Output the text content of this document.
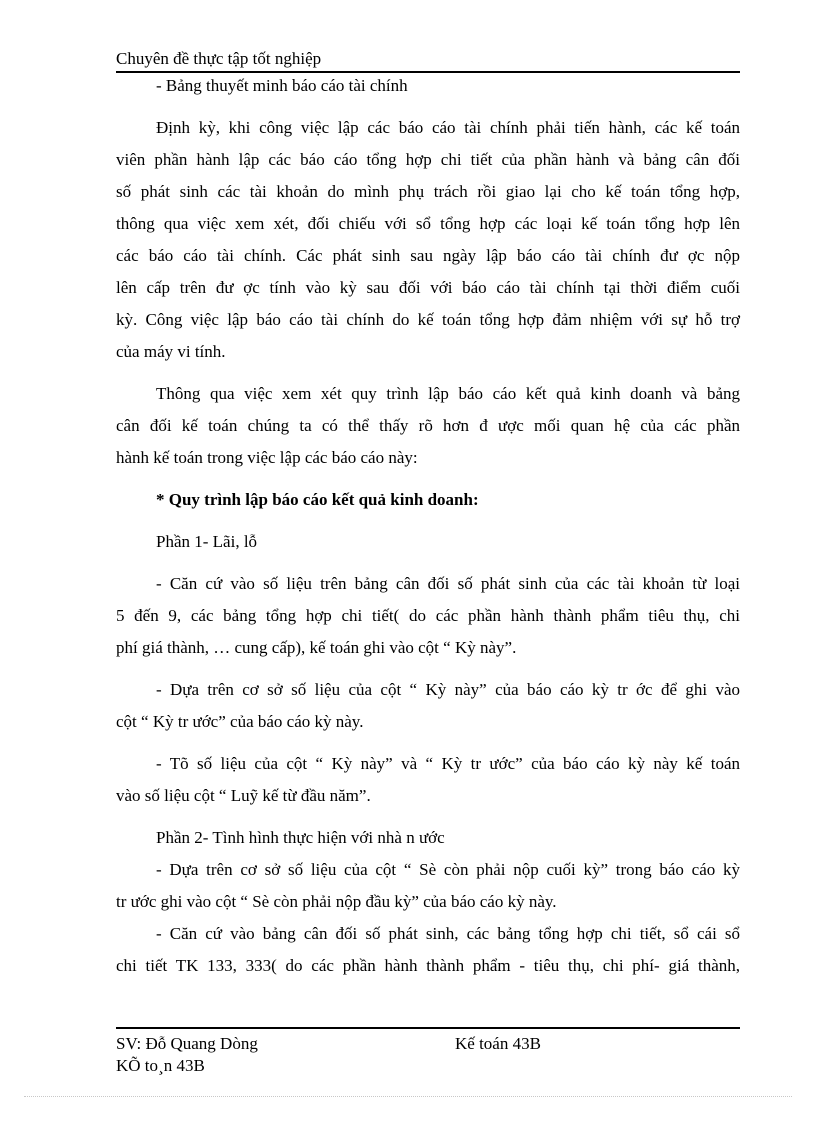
Chuyên đề thực tập tốt nghiệp
- Bảng thuyết minh báo cáo tài chính
Định kỳ, khi công việc lập các báo cáo tài chính phải tiến hành, các kế toán
viên phần hành lập các báo cáo tổng hợp chi tiết của phần hành và bảng cân đối
số phát sinh các tài khoản do mình phụ trách rồi giao lại cho kế toán tổng hợp,
thông qua việc xem xét, đối chiếu với sổ tổng hợp các loại kế toán tổng hợp lên
các báo cáo tài chính. Các phát sinh sau ngày lập báo cáo tài chính đư ợc nộp
lên cấp trên đư ợc tính vào kỳ sau đối với báo cáo tài chính tại thời điểm cuối
kỳ. Công việc lập báo cáo tài chính do kế toán tổng hợp đảm nhiệm với sự hỗ trợ
của máy vi tính.
Thông qua việc xem xét quy trình lập báo cáo kết quả kinh doanh và bảng
cân đối kế toán chúng ta có thể thấy rõ hơn đ ược mối quan hệ của các phần
hành kế toán trong việc lập các báo cáo này:
* Quy trình lập báo cáo kết quả kinh doanh:
Phần 1- Lãi, lỗ
- Căn cứ vào số liệu trên bảng cân đối số phát sinh của các tài khoản từ loại
5 đến 9, các bảng tổng hợp chi tiết( do các phần hành thành phẩm tiêu thụ, chi
phí giá thành, … cung cấp), kế toán ghi vào cột “ Kỳ này”.
- Dựa trên cơ sở số liệu của cột “ Kỳ này” của báo cáo kỳ tr ớc để ghi vào
cột “ Kỳ tr ước” của báo cáo kỳ này.
- Tõ số liệu của cột “ Kỳ này” và “ Kỳ tr ước” của báo cáo kỳ này kế toán
vào số liệu cột “ Luỹ kế từ đầu năm”.
Phần 2- Tình hình thực hiện với nhà n ước
- Dựa trên cơ sở số liệu của cột “ Sè còn phải nộp cuối kỳ” trong báo cáo kỳ
tr ước ghi vào cột “ Sè còn phải nộp đầu kỳ” của báo cáo kỳ này.
- Căn cứ vào bảng cân đối số phát sinh, các bảng tổng hợp chi tiết, sổ cái sổ
chi tiết TK 133, 333( do các phần hành thành phẩm - tiêu thụ, chi phí- giá thành,
SV: Đỗ Quang Dòng	Kế toán 43B
KÕ to¸n 43B
